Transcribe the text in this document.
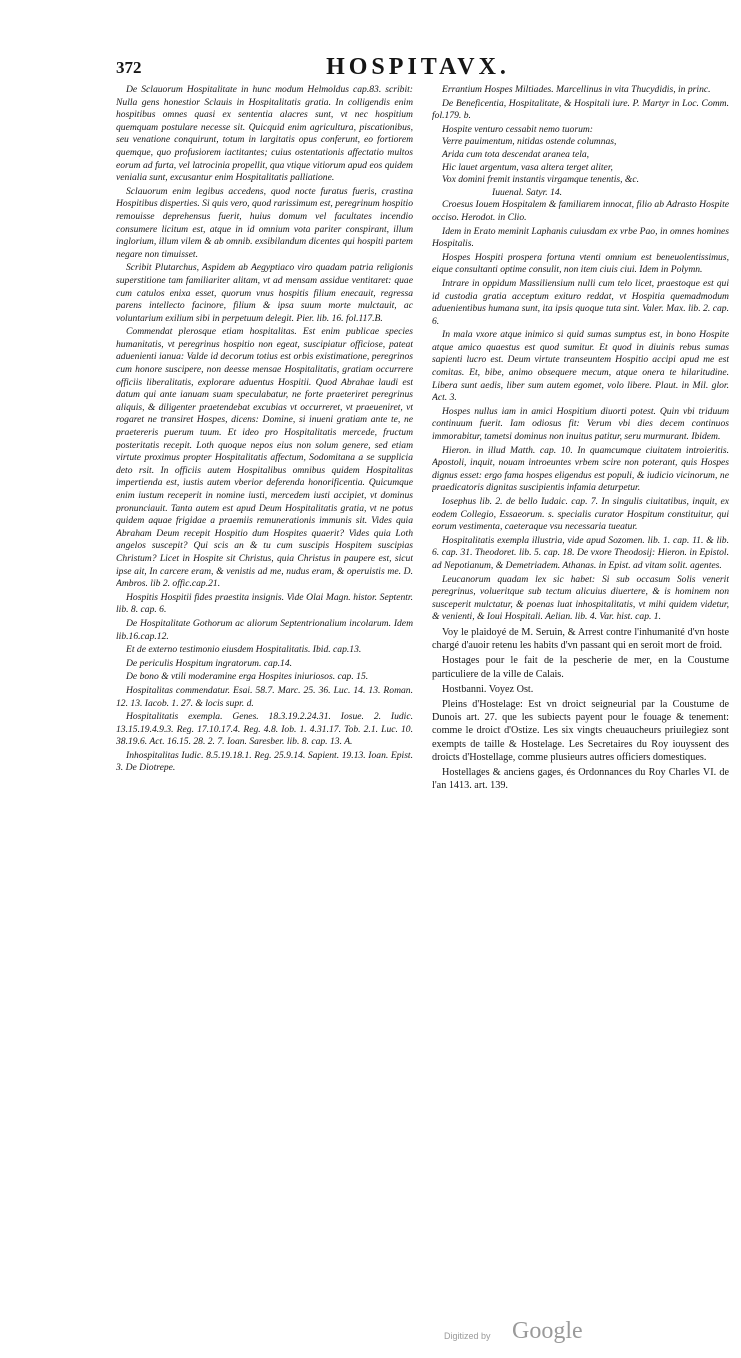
372	HOSPITAVX.

De Sclauorum Hospitalitate in hunc modum Helmoldus cap.83. scribit: Nulla gens honestior Sclauis in Hospitalitatis gratia. In colligendis enim hospitibus omnes quasi ex sententia alacres sunt, vt nec hospitium quemquam postulare necesse sit. Quicquid enim agricultura, piscationibus, seu venatione conquirunt, totum in largitatis opus conferunt, eo fortiorem quemque, quo profusiorem iactitantes; cuius ostentationis affectatio multos eorum ad furta, vel latrocinia propellit, qua vtique vitiorum apud eos quidem venialia sunt, excusantur enim Hospitalitatis palliatione.

Sclauorum enim legibus accedens, quod nocte furatus fueris, crastina Hospitibus disperties. Si quis vero, quod rarissimum est, peregrinum hospitio remouisse deprehensus fuerit, huius domum vel facultates incendio consumere licitum est, atque in id omnium vota pariter conspirant, illum inglorium, illum vilem & ab omnib. exsibilandum dicentes qui hospiti partem negare non timuisset.

Scribit Plutarchus, Aspidem ab Aegyptiaco viro quadam patria religionis superstitione tam familiariter alitam, vt ad mensam assidue ventitaret: quae cum catulos enixa esset, quorum vnus hospitis filium enecauit, regressa parens intellecto facinore, filium & ipsa suum morte mulctauit, ac voluntarium exilium sibi in perpetuum delegit. Pier. lib. 16. fol.117.B.

Commendat plerosque etiam hospitalitas. Est enim publicae species humanitatis, vt peregrinus hospitio non egeat, suscipiatur officiose, pateat aduenienti ianua: Valde id decorum totius est orbis existimatione, peregrinos cum honore suscipere, non deesse mensae Hospitalitatis, gratiam occurrere officiis liberalitatis, explorare aduentus Hospitii. Quod Abrahae laudi est datum qui ante ianuam suam speculabatur, ne forte praeteriret peregrinus aliquis, & diligenter praetendebat excubias vt occurreret, vt praeueniret, vt rogaret ne transiret Hospes, dicens: Domine, si inueni gratiam ante te, ne praetereris puerum tuum. Et ideo pro Hospitalitatis mercede, fructum posteritatis recepit. Loth quoque nepos eius non solum genere, sed etiam virtute proximus propter Hospitalitatis affectum, Sodomitana a se supplicia deto rsit. In officiis autem Hospitalibus omnibus quidem Hospitalitas impertienda est, iustis autem vberior deferenda honorificentia. Quicumque enim iustum receperit in nomine iusti, mercedem iusti accipiet, vt dominus pronunciauit. Tanta autem est apud Deum Hospitalitatis gratia, vt ne potus quidem aquae frigidae a praemiis remunerationis immunis sit. Vides quia Abraham Deum recepit Hospitio dum Hospites quaerit? Vides quia Loth angelos suscepit? Qui scis an & tu cum suscipis Hospitem suscipias Christum? Licet in Hospite sit Christus, quia Christus in paupere est, sicut ipse ait, In carcere eram, & venistis ad me, nudus eram, & operuistis me. D. Ambros. lib 2. offic.cap.21.

Hospitis Hospitii fides praestita insignis. Vide Olai Magn. histor. Septentr. lib. 8. cap. 6.

De Hospitalitate Gothorum ac aliorum Septentrionalium incolarum. Idem lib.16.cap.12.

Et de externo testimonio eiusdem Hospitalitatis. Ibid. cap.13.

De periculis Hospitum ingratorum. cap.14.

De bono & vtili moderamine erga Hospites iniuriosos. cap. 15.

Hospitalitas commendatur. Esai. 58.7. Marc. 25. 36. Luc. 14. 13. Roman. 12. 13. Iacob. 1. 27. & locis supr. d.

Hospitalitatis exempla. Genes. 18.3.19.2.24.31. Iosue. 2. Iudic. 13.15.19.4.9.3. Reg. 17.10.17.4. Reg. 4.8. Iob. 1. 4.31.17. Tob. 2.1. Luc. 10. 38.19.6. Act. 16.15. 28. 2. 7. Ioan. Saresber. lib. 8. cap. 13. A.

Inhospitalitas Iudic. 8.5.19.18.1. Reg. 25.9.14. Sapient. 19.13. Ioan. Epist. 3. De Diotrepe.

Errantium Hospes Miltiades. Marcellinus in vita Thucydidis, in princ.

De Beneficentia, Hospitalitate, & Hospitali iure. P. Martyr in Loc. Comm. fol.179. b.

Hospite venturo cessabit nemo tuorum:

Verre pauimentum, nitidas ostende columnas,

Arida cum tota descendat aranea tela,

Hic lauet argentum, vasa altera terget aliter,

Vox domini fremit instantis virgamque tenentis, &c.

Iuuenal. Satyr. 14.

Croesus Iouem Hospitalem & familiarem innocat, filio ab Adrasto Hospite occiso. Herodot. in Clio.

Idem in Erato meminit Laphanis cuiusdam ex vrbe Pao, in omnes homines Hospitalis.

Hospes Hospiti prospera fortuna vtenti omnium est beneuolentissimus, eique consultanti optime consulit, non item ciuis ciui. Idem in Polymn.

Intrare in oppidum Massiliensium nulli cum telo licet, praestoque est qui id custodia gratia acceptum exituro reddat, vt Hospitia quemadmodum aduenientibus humana sunt, ita ipsis quoque tuta sint. Valer. Max. lib. 2. cap. 6.

In mala vxore atque inimico si quid sumas sumptus est, in bono Hospite atque amico quaestus est quod sumitur. Et quod in diuinis rebus sumas sapienti lucro est. Deum virtute transeuntem Hospitio accipi apud me est comitas. Et, bibe, animo obsequere mecum, atque onera te hilaritudine. Libera sunt aedis, liber sum autem egomet, volo libere. Plaut. in Mil. glor. Act. 3.

Hospes nullus iam in amici Hospitium diuorti potest. Quin vbi triduum continuum fuerit. Iam odiosus fit: Verum vbi dies decem continuos immorabitur, tametsi dominus non inuitus patitur, seru murmurant. Ibidem.

Hieron. in illud Matth. cap. 10. In quamcumque ciuitatem introieritis. Apostoli, inquit, nouam introeuntes vrbem scire non poterant, quis Hospes dignus esset: ergo fama hospes eligendus est populi, & iudicio vicinorum, ne praedicatoris dignitas suscipientis infamia deturpetur.

Iosephus lib. 2. de bello Iudaic. cap. 7. In singulis ciuitatibus, inquit, ex eodem Collegio, Essaeorum. s. specialis curator Hospitum constituitur, qui eorum vestimenta, caeteraque vsu necessaria tueatur.

Hospitalitatis exempla illustria, vide apud Sozomen. lib. 1. cap. 11. & lib. 6. cap. 31. Theodoret. lib. 5. cap. 18. De vxore Theodosij: Hieron. in Epistol. ad Nepotianum, & Demetriadem. Athanas. in Epist. ad vitam solit. agentes.

Leucanorum quadam lex sic habet: Si sub occasum Solis venerit peregrinus, volueritque sub tectum alicuius diuertere, & is hominem non susceperit mulctatur, & poenas luat inhospitalitatis, vt mihi quidem videtur, & venienti, & Ioui Hospitali. Aelian. lib. 4. Var. hist. cap. 1.

Voy le plaidoyé de M. Seruin, & Arrest contre l'inhumanité d'vn hoste chargé d'auoir retenu les habits d'vn passant qui en seroit mort de froid.

Hostages pour le fait de la pescherie de mer, en la Coustume particuliere de la ville de Calais.

Hostbanni. Voyez Ost.

Pleins d'Hostelage: Est vn droict seigneurial par la Coustume de Dunois art. 27. que les subiects payent pour le fouage & tenement: comme le droict d'Ostize. Les six vingts cheuaucheurs priuilegiez sont exempts de taille & Hostelage. Les Secretaires du Roy iouyssent des droicts d'Hostellage, comme plusieurs autres officiers domestiques.

Hostellages & anciens gages, és Ordonnances du Roy Charles VI. de l'an 1413. art. 139.

Digitized by Google
